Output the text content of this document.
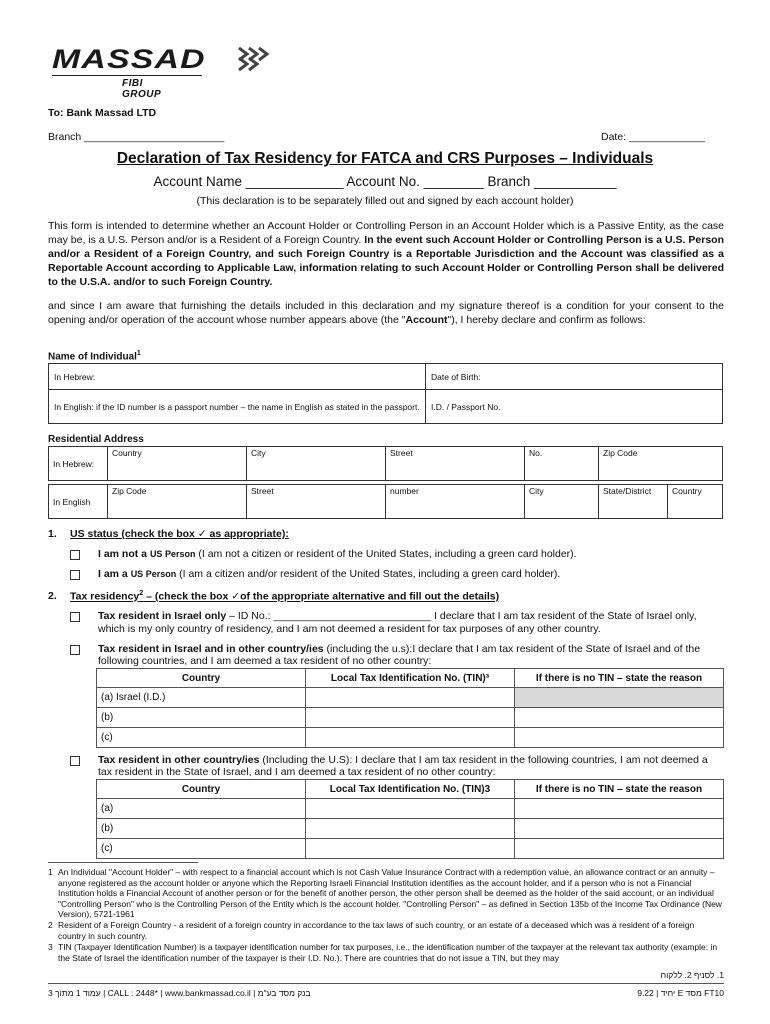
MASSAD
FIBI GROUP
To: Bank Massad LTD
Branch ________________________	Date: _____________
Declaration of Tax Residency for FATCA and CRS Purposes – Individuals
Account Name _____________ Account No. ________ Branch ___________
(This declaration is to be separately filled out and signed by each account holder)
This form is intended to determine whether an Account Holder or Controlling Person in an Account Holder which is a Passive Entity, as the case may be, is a U.S. Person and/or is a Resident of a Foreign Country. In the event such Account Holder or Controlling Person is a U.S. Person and/or a Resident of a Foreign Country, and such Foreign Country is a Reportable Jurisdiction and the Account was classified as a Reportable Account according to Applicable Law, information relating to such Account Holder or Controlling Person shall be delivered to the U.S.A. and/or to such Foreign Country.
and since I am aware that furnishing the details included in this declaration and my signature thereof is a condition for your consent to the opening and/or operation of the account whose number appears above (the "Account"), I hereby declare and confirm as follows:
Name of Individual$^1$
In Hebrew:	Date of Birth:
In English: if the ID number is a passport number – the name in English as stated in the passport.	I.D. / Passport No.
Residential Address
In Hebrew:	Country	City	Street	No.	Zip Code
In English	Zip Code	Street	number	City	State/District	Country
1. US status (check the box ✓ as appropriate):
I am not a US Person (I am not a citizen or resident of the United States, including a green card holder).
I am a US Person (I am a citizen and/or resident of the United States, including a green card holder).
2. Tax residency$^2$ – (check the box ✓of the appropriate alternative and fill out the details)
Tax resident in Israel only – ID No.: ___________________________ I declare that I am tax resident of the State of Israel only, which is my only country of residency, and I am not deemed a resident for tax purposes of any other country.
Tax resident in Israel and in other country/ies (including the u.s):I declare that I am tax resident of the State of Israel and of the following countries, and I am deemed a tax resident of no other country:
Country	Local Tax Identification No. (TIN)³	If there is no TIN – state the reason
(a) Israel (I.D.)		
(b)		
(c)		
Tax resident in other country/ies (Including the U.S): I declare that I am tax resident in the following countries, I am not deemed a tax resident in the State of Israel, and I am deemed a tax resident of no other country:
Country	Local Tax Identification No. (TIN)3	If there is no TIN – state the reason
(a)		
(b)		
(c)		
1 An Individual "Account Holder" – with respect to a financial account which is not Cash Value Insurance Contract with a redemption value, an allowance contract or an annuity –anyone registered as the account holder or anyone which the Reporting Israeli Financial Institution identifies as the account holder, and if a person who is not a Financial Institution holds a Financial Account of another person or for the benefit of another person, the other person shall be deemed as the holder of the said account, or an individual "Controlling Person" who is the Controlling Person of the Entity which is the account holder. "Controlling Person" – as defined in Section 135b of the Income Tax Ordinance (New Version), 5721-1961
2 Resident of a Foreign Country - a resident of a foreign country in accordance to the tax laws of such country, or an estate of a deceased which was a resident of a foreign country in such country.
3 TIN (Taxpayer Identification Number) is a taxpayer identification number for tax purposes, i.e., the identification number of the taxpayer at the relevant tax authority (example: in the State of Israel the identification number of the taxpayer is their I.D. No.). There are countries that do not issue a TIN, but they may
1. לסניף 2. ללקוח
3 עמוד 1 מתוך | CALL : 2448* | www.bankmassad.co.il | בנק מסד בע"מ	9.22 | יחיד E מסד FT10
